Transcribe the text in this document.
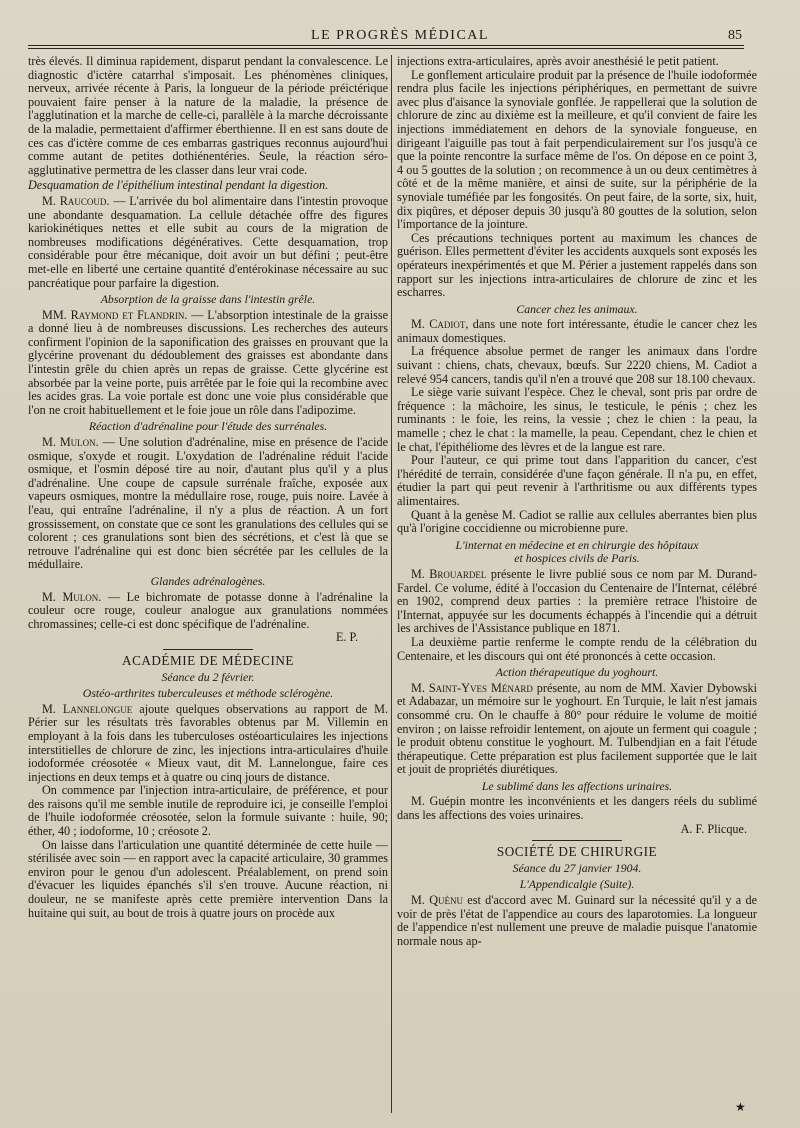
LE PROGRÈS MÉDICAL	85

très élevés. Il diminua rapidement, disparut pendant la convalescence. Le diagnostic d'ictère catarrhal s'imposait. Les phénomènes cliniques, nerveux, arrivée récente à Paris, la longueur de la période préictérique pouvaient faire penser à la nature de la maladie, la présence de l'agglutination et la marche de celle-ci, parallèle à la marche décroissante de la maladie, permettaient d'affirmer éberthienne. Il en est sans doute de ces cas d'ictère comme de ces embarras gastriques reconnus aujourd'hui comme autant de petites dothiénentéries. Seule, la réaction séro-agglutinative permettra de les classer dans leur vrai code.

Desquamation de l'épithélium intestinal pendant la digestion.

M. Raucoud. — L'arrivée du bol alimentaire dans l'intestin provoque une abondante desquamation. La cellule détachée offre des figures kariokinétiques nettes et elle subit au cours de la migration de nombreuses modifications dégénératives. Cette desquamation, trop considérable pour être mécanique, doit avoir un but défini ; peut-être met-elle en liberté une certaine quantité d'entérokinase nécessaire au suc pancréatique pour parfaire la digestion.

Absorption de la graisse dans l'intestin grêle.

MM. Raymond et Flandrin. — L'absorption intestinale de la graisse a donné lieu à de nombreuses discussions. Les recherches des auteurs confirment l'opinion de la saponification des graisses en prouvant que la glycérine provenant du dédoublement des graisses est abondante dans l'intestin grêle du chien après un repas de graisse. Cette glycérine est absorbée par la veine porte, puis arrêtée par le foie qui la recombine avec les acides gras. La voie portale est donc une voie plus considérable que l'on ne croit habituellement et le foie joue un rôle dans l'adipozime.

Réaction d'adrénaline pour l'étude des surrénales.

M. Mulon. — Une solution d'adrénaline, mise en présence de l'acide osmique, s'oxyde et rougit. L'oxydation de l'adrénaline réduit l'acide osmique, et l'osmin déposé tire au noir, d'autant plus qu'il y a plus d'adrénaline. Une coupe de capsule surrénale fraîche, exposée aux vapeurs osmiques, montre la médullaire rose, rouge, puis noire. Lavée à l'eau, qui entraîne l'adrénaline, il n'y a plus de réaction. A un fort grossissement, on constate que ce sont les granulations des cellules qui se colorent ; ces granulations sont bien des sécrétions, et c'est là que se retrouve l'adrénaline qui est donc bien sécrétée par les cellules de la médullaire.

Glandes adrénalogènes.

M. Mulon. — Le bichromate de potasse donne à l'adrénaline la couleur ocre rouge, couleur analogue aux granulations nommées chromassines; celle-ci est donc spécifique de l'adrénaline.

E. P.
ACADÉMIE DE MÉDECINE
Séance du 2 février.
Ostéo-arthrites tuberculeuses et méthode sclérogène.

M. Lannelongue ajoute quelques observations au rapport de M. Périer sur les résultats très favorables obtenus par M. Villemin en employant à la fois dans les tuberculoses ostéoarticulaires les injections interstitielles de chlorure de zinc, les injections intra-articulaires d'huile iodoformée créosotée « Mieux vaut, dit M. Lannelongue, faire ces injections en deux temps et à quatre ou cinq jours de distance.

On commence par l'injection intra-articulaire, de préférence, et pour des raisons qu'il me semble inutile de reproduire ici, je conseille l'emploi de l'huile iodoformée créosotée, selon la formule suivante : huile, 90; éther, 40 ; iodoforme, 10 ; créosote 2.

On laisse dans l'articulation une quantité déterminée de cette huile — stérilisée avec soin — en rapport avec la capacité articulaire, 30 grammes environ pour le genou d'un adolescent. Préalablement, on prend soin d'évacuer les liquides épanchés s'il s'en trouve. Aucune réaction, ni douleur, ne se manifeste après cette première intervention Dans la huitaine qui suit, au bout de trois à quatre jours on procède aux

injections extra-articulaires, après avoir anesthésié le petit patient.

Le gonflement articulaire produit par la présence de l'huile iodoformée rendra plus facile les injections périphériques, en permettant de suivre avec plus d'aisance la synoviale gonflée. Je rappellerai que la solution de chlorure de zinc au dixième est la meilleure, et qu'il convient de faire les injections immédiatement en dehors de la synoviale fongueuse, en dirigeant l'aiguille pas tout à fait perpendiculairement sur l'os jusqu'à ce que la pointe rencontre la surface même de l'os. On dépose en ce point 3, 4 ou 5 gouttes de la solution ; on recommence à un ou deux centimètres à côté et de la même manière, et ainsi de suite, sur la périphérie de la synoviale tuméfiée par les fongosités. On peut faire, de la sorte, six, huit, dix piqûres, et déposer depuis 30 jusqu'à 80 gouttes de la solution, selon l'importance de la jointure.

Ces précautions techniques portent au maximum les chances de guérison. Elles permettent d'éviter les accidents auxquels sont exposés les opérateurs inexpérimentés et que M. Périer a justement rappelés dans son rapport sur les injections intra-articulaires de chlorure de zinc et les escharres.

Cancer chez les animaux.

M. Cadiot, dans une note fort intéressante, étudie le cancer chez les animaux domestiques.

La fréquence absolue permet de ranger les animaux dans l'ordre suivant : chiens, chats, chevaux, bœufs. Sur 2220 chiens, M. Cadiot a relevé 954 cancers, tandis qu'il n'en a trouvé que 208 sur 18.100 chevaux.

Le siège varie suivant l'espèce. Chez le cheval, sont pris par ordre de fréquence : la mâchoire, les sinus, le testicule, le pénis ; chez les ruminants : le foie, les reins, la vessie ; chez le chien : la peau, la mamelle ; chez le chat : la mamelle, la peau. Cependant, chez le chien et le chat, l'épithéliome des lèvres et de la langue est rare.

Pour l'auteur, ce qui prime tout dans l'apparition du cancer, c'est l'hérédité de terrain, considérée d'une façon générale. Il n'a pu, en effet, étudier la part qui peut revenir à l'arthritisme ou aux différents types alimentaires.

Quant à la genèse M. Cadiot se rallie aux cellules aberrantes bien plus qu'à l'origine coccidienne ou microbienne pure.

L'internat en médecine et en chirurgie des hôpitaux
et hospices civils de Paris.

M. Brouardel présente le livre publié sous ce nom par M. Durand-Fardel. Ce volume, édité à l'occasion du Centenaire de l'Internat, célébré en 1902, comprend deux parties : la première retrace l'histoire de l'Internat, appuyée sur les documents échappés à l'incendie qui a détruit les archives de l'Assistance publique en 1871.

La deuxième partie renferme le compte rendu de la célébration du Centenaire, et les discours qui ont été prononcés à cette occasion.

Action thérapeutique du yoghourt.

M. Saint-Yves Ménard présente, au nom de MM. Xavier Dybowski et Adabazar, un mémoire sur le yoghourt. En Turquie, le lait n'est jamais consommé cru. On le chauffe à 80° pour réduire le volume de moitié environ ; on laisse refroidir lentement, on ajoute un ferment qui coagule ; le produit obtenu constitue le yoghourt. M. Tulbendjian en a fait l'étude thérapeutique. Cette préparation est plus facilement supportée que le lait et jouit de propriétés diurétiques.

Le sublimé dans les affections urinaires.

M. Guépin montre les inconvénients et les dangers réels du sublimé dans les affections des voies urinaires.

A. F. Plicque.
SOCIÉTÉ DE CHIRURGIE
Séance du 27 janvier 1904.
L'Appendicalgie (Suite).

M. Quénu est d'accord avec M. Guinard sur la nécessité qu'il y a de voir de près l'état de l'appendice au cours des laparotomies. La longueur de l'appendice n'est nullement une preuve de maladie puisque l'anatomie normale nous ap-

★
